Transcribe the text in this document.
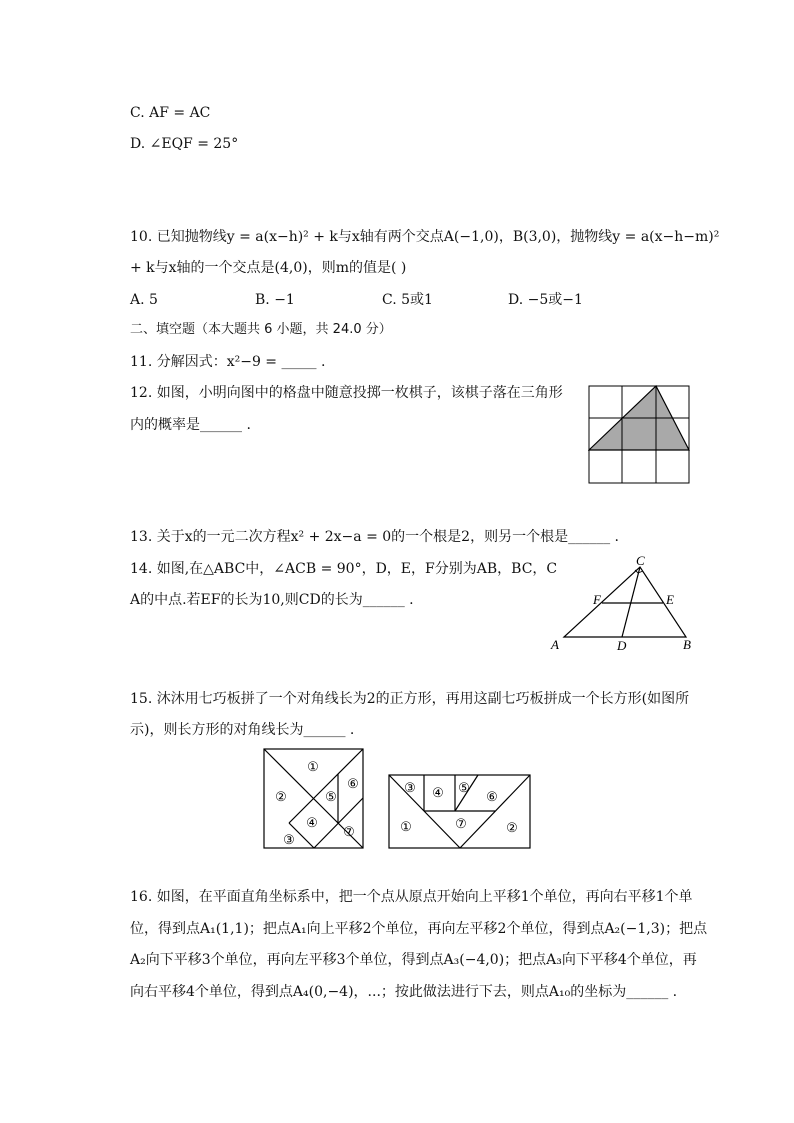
C. AF = AC
D. ∠EQF = 25°
10. 已知抛物线y = a(x−h)² + k与x轴有两个交点A(−1,0)，B(3,0)，抛物线y = a(x−h−m)²
+ k与x轴的一个交点是(4,0)，则m的值是( )
A. 5	B. −1	C. 5或1	D. −5或−1
二、填空题（本大题共 6 小题，共 24.0 分）
11. 分解因式：x²−9 = _____ .
12. 如图，小明向图中的格盘中随意投掷一枚棋子，该棋子落在三角形
内的概率是______ .
13. 关于x的一元二次方程x² + 2x−a = 0的一个根是2，则另一个根是______ .
14. 如图,在△ABC中，∠ACB = 90°，D，E，F分别为AB，BC，C
A的中点.若EF的长为10,则CD的长为______ .
C
F	E
A	D	B
15. 沐沐用七巧板拼了一个对角线长为2的正方形，再用这副七巧板拼成一个长方形(如图所
示)，则长方形的对角线长为______ .
①
②
③
④
⑤
⑥
⑦
③ ④ ⑤
⑥
①	⑦	②
16. 如图，在平面直角坐标系中，把一个点从原点开始向上平移1个单位，再向右平移1个单
位，得到点A₁(1,1)；把点A₁向上平移2个单位，再向左平移2个单位，得到点A₂(−1,3)；把点
A₂向下平移3个单位，再向左平移3个单位，得到点A₃(−4,0)；把点A₃向下平移4个单位，再
向右平移4个单位，得到点A₄(0,−4)，...；按此做法进行下去，则点A₁₀的坐标为______ .
